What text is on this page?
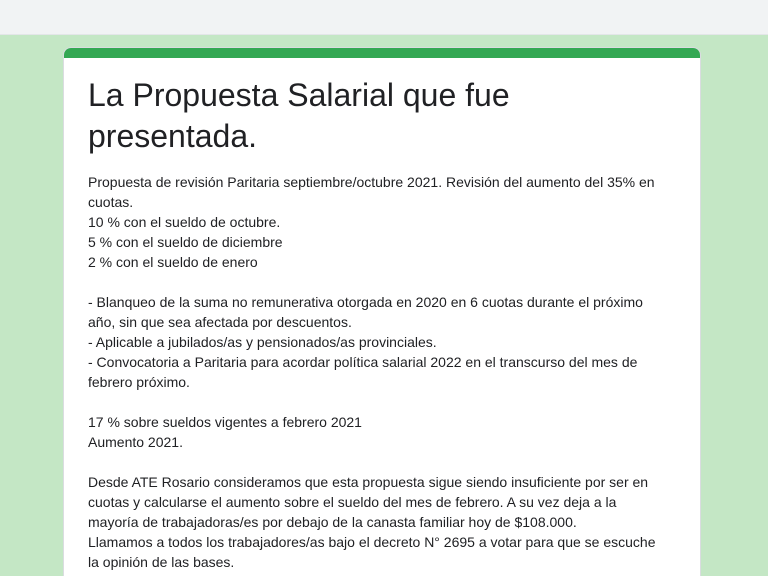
La Propuesta Salarial que fue
presentada.
Propuesta de revisión Paritaria septiembre/octubre 2021. Revisión del aumento del 35% en
cuotas.
10 % con el sueldo de octubre.
5 % con el sueldo de diciembre
2 % con el sueldo de enero
- Blanqueo de la suma no remunerativa otorgada en 2020 en 6 cuotas durante el próximo
año, sin que sea afectada por descuentos.
- Aplicable a jubilados/as y pensionados/as provinciales.
- Convocatoria a Paritaria para acordar política salarial 2022 en el transcurso del mes de
febrero próximo.
17 % sobre sueldos vigentes a febrero 2021
Aumento 2021.
Desde ATE Rosario consideramos que esta propuesta sigue siendo insuficiente por ser en
cuotas y calcularse el aumento sobre el sueldo del mes de febrero. A su vez deja a la
mayoría de trabajadoras/es por debajo de la canasta familiar hoy de $108.000.
Llamamos a todos los trabajadores/as bajo el decreto N° 2695 a votar para que se escuche
la opinión de las bases.
